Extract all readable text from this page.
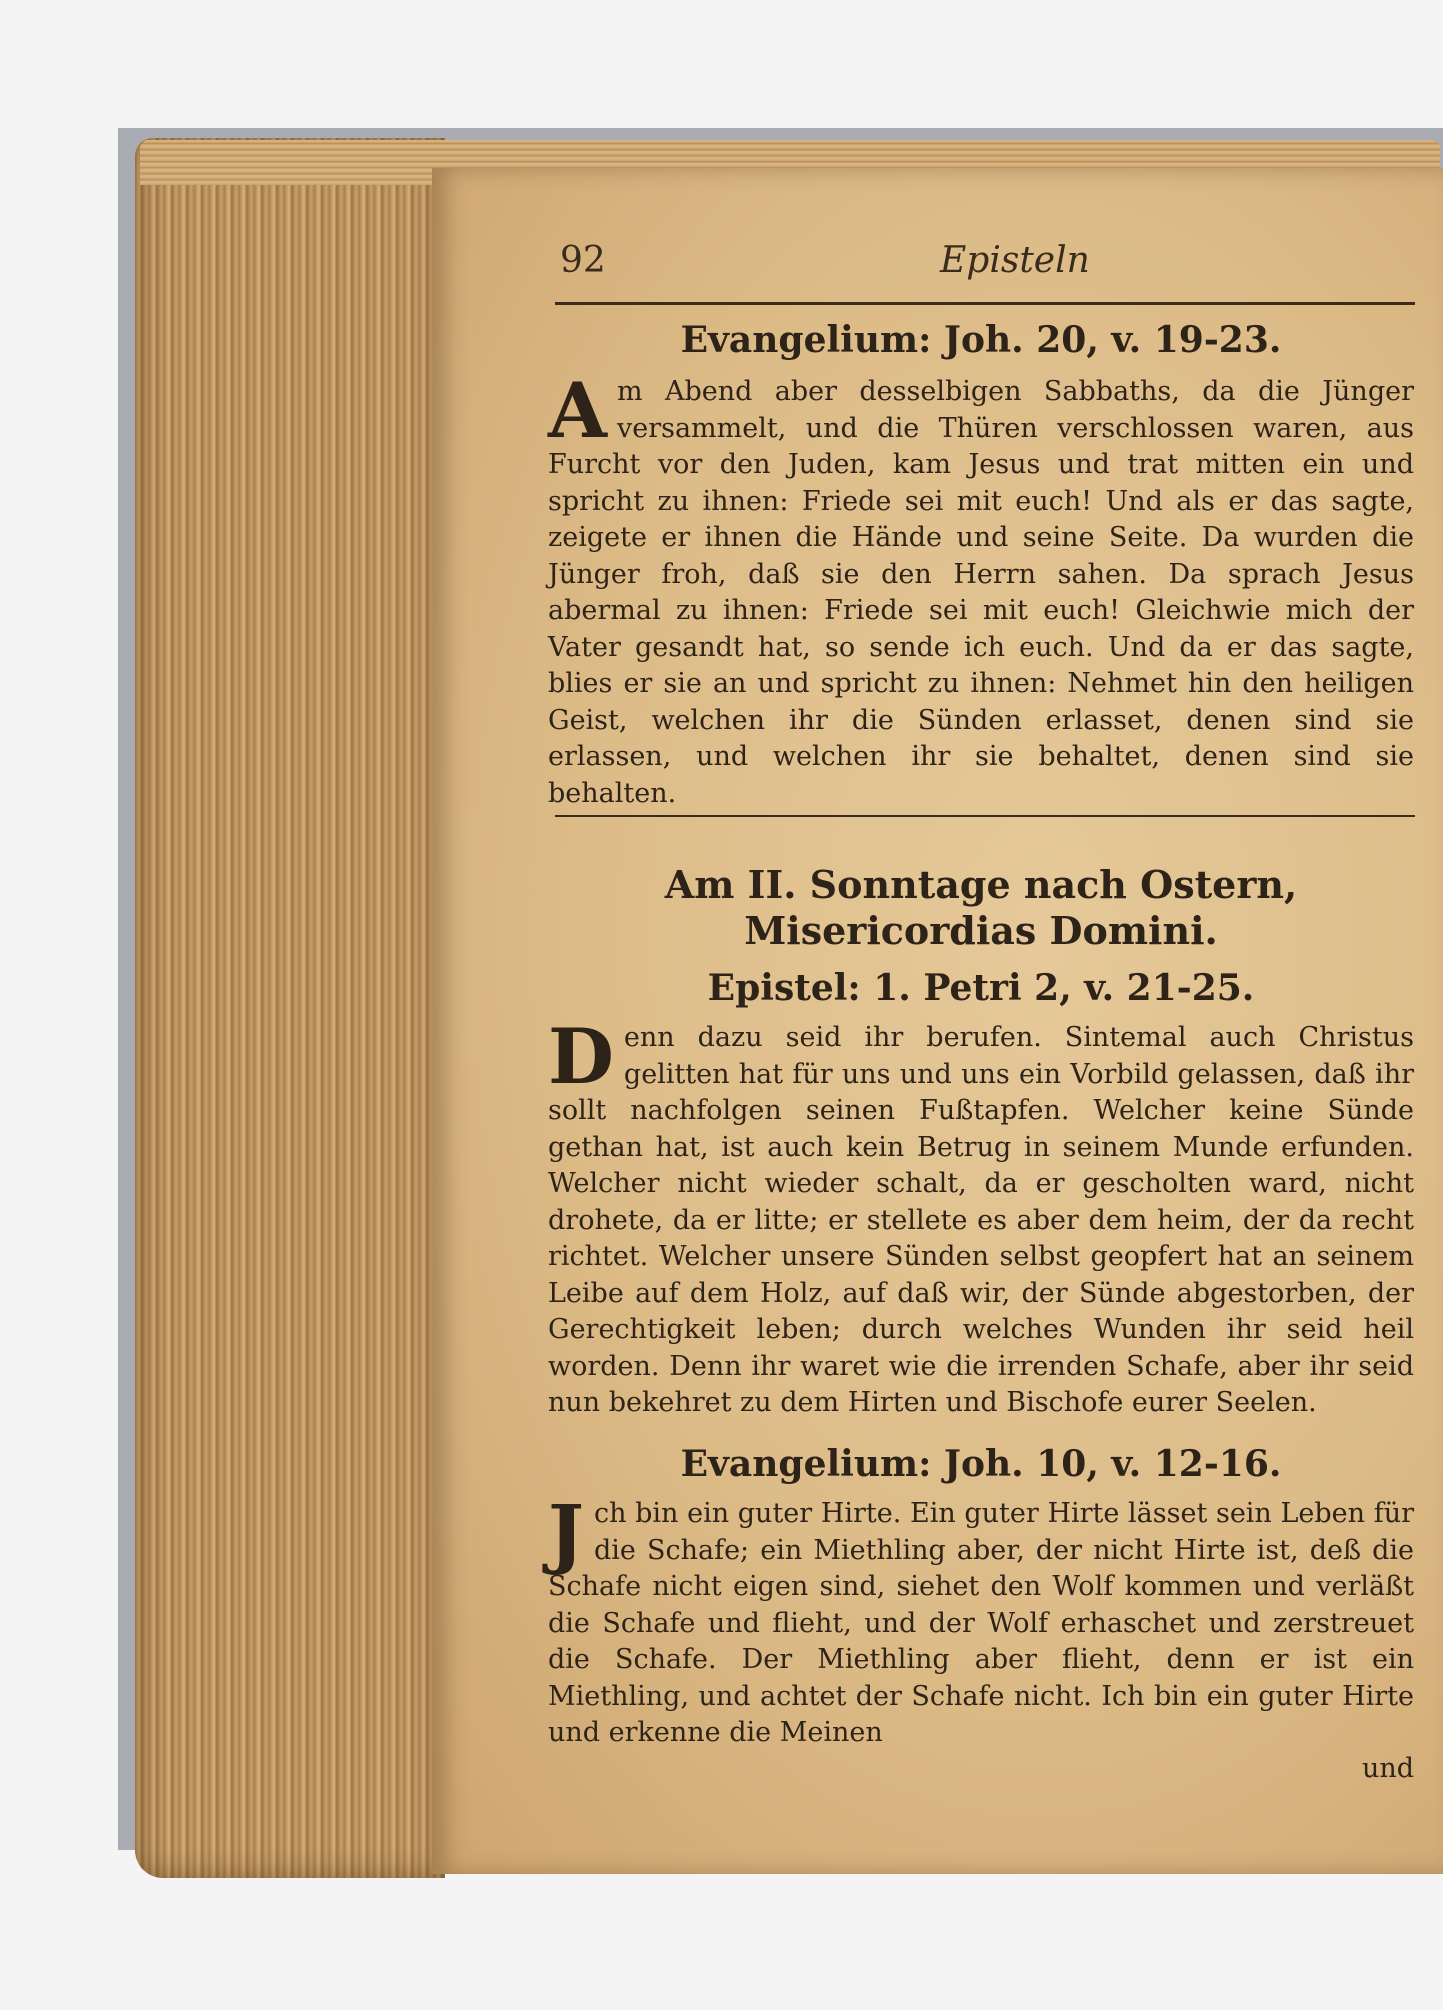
92	Episteln
Evangelium: Joh. 20, v. 19-23.

Am Abend aber desselbigen Sabbaths, da die Jünger versammelt, und die Thüren verschlossen waren, aus Furcht vor den Juden, kam Jesus und trat mitten ein und spricht zu ihnen: Friede sei mit euch! Und als er das sagte, zeigete er ihnen die Hände und seine Seite. Da wurden die Jünger froh, daß sie den Herrn sahen. Da sprach Jesus abermal zu ihnen: Friede sei mit euch! Gleichwie mich der Vater gesandt hat, so sende ich euch. Und da er das sagte, blies er sie an und spricht zu ihnen: Nehmet hin den heiligen Geist, welchen ihr die Sünden erlasset, denen sind sie erlassen, und welchen ihr sie behaltet, denen sind sie behalten.

Am II. Sonntage nach Ostern, Misericordias Domini.
Epistel: 1. Petri 2, v. 21-25.

Denn dazu seid ihr berufen. Sintemal auch Christus gelitten hat für uns und uns ein Vorbild gelassen, daß ihr sollt nachfolgen seinen Fußtapfen. Welcher keine Sünde gethan hat, ist auch kein Betrug in seinem Munde erfunden. Welcher nicht wieder schalt, da er gescholten ward, nicht drohete, da er litte; er stellete es aber dem heim, der da recht richtet. Welcher unsere Sünden selbst geopfert hat an seinem Leibe auf dem Holz, auf daß wir, der Sünde abgestorben, der Gerechtigkeit leben; durch welches Wunden ihr seid heil worden. Denn ihr waret wie die irrenden Schafe, aber ihr seid nun bekehret zu dem Hirten und Bischofe eurer Seelen.

Evangelium: Joh. 10, v. 12-16.

Jch bin ein guter Hirte. Ein guter Hirte lässet sein Leben für die Schafe; ein Miethling aber, der nicht Hirte ist, deß die Schafe nicht eigen sind, siehet den Wolf kommen und verläßt die Schafe und flieht, und der Wolf erhaschet und zerstreuet die Schafe. Der Miethling aber flieht, denn er ist ein Miethling, und achtet der Schafe nicht. Ich bin ein guter Hirte und erkenne die Meinen

und
